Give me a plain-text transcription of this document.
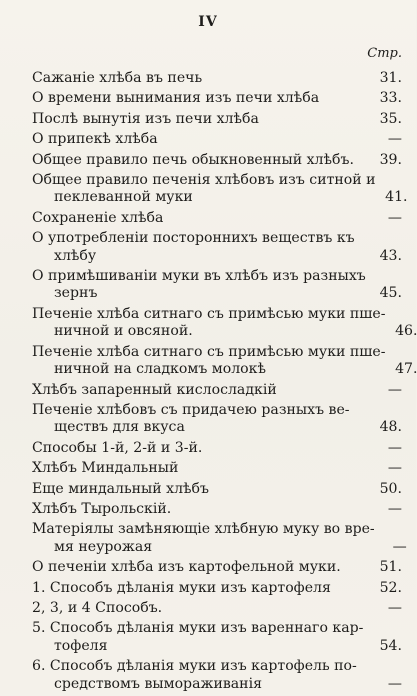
IV
Стр.
Сажаніе хлѣба въ печь	31.
О времени вынимания изъ печи хлѣба	33.
Послѣ вынутія изъ печи хлѣба	35.
О припекѣ хлѣба	—
Общее правило печь обыкновенный хлѣбъ.	39.
Общее правило печенія хлѣбовъ изъ ситной и
пеклеванной муки	41.
Сохраненіе хлѣба	—
О употребленіи постороннихъ веществъ къ
хлѣбу	43.
О примѣшиваніи муки въ хлѣбъ изъ разныхъ
зернъ	45.
Печеніе хлѣба ситнаго съ примѣсью муки пше-
ничной и овсяной.	46.
Печеніе хлѣба ситнаго съ примѣсью муки пше-
ничной на сладкомъ молокѣ	47.
Хлѣбъ запаренный кислосладкій	—
Печеніе хлѣбовъ съ придачею разныхъ ве-
ществъ для вкуса	48.
Способы 1-й, 2-й и 3-й.	—
Хлѣбъ Миндальный	—
Еще миндальный хлѣбъ	50.
Хлѣбъ Тырольскій.	—
Матеріялы замѣняющіе хлѣбную муку во вре-
мя неурожая	—
О печеніи хлѣба изъ картофельной муки.	51.
1. Способъ дѣланія муки изъ картофеля	52.
2, 3, и 4 Способъ.	—
5. Способъ дѣланія муки изъ вареннаго кар-
тофеля	54.
6. Способъ дѣланія муки изъ картофель по-
средствомъ вымораживанія	—
